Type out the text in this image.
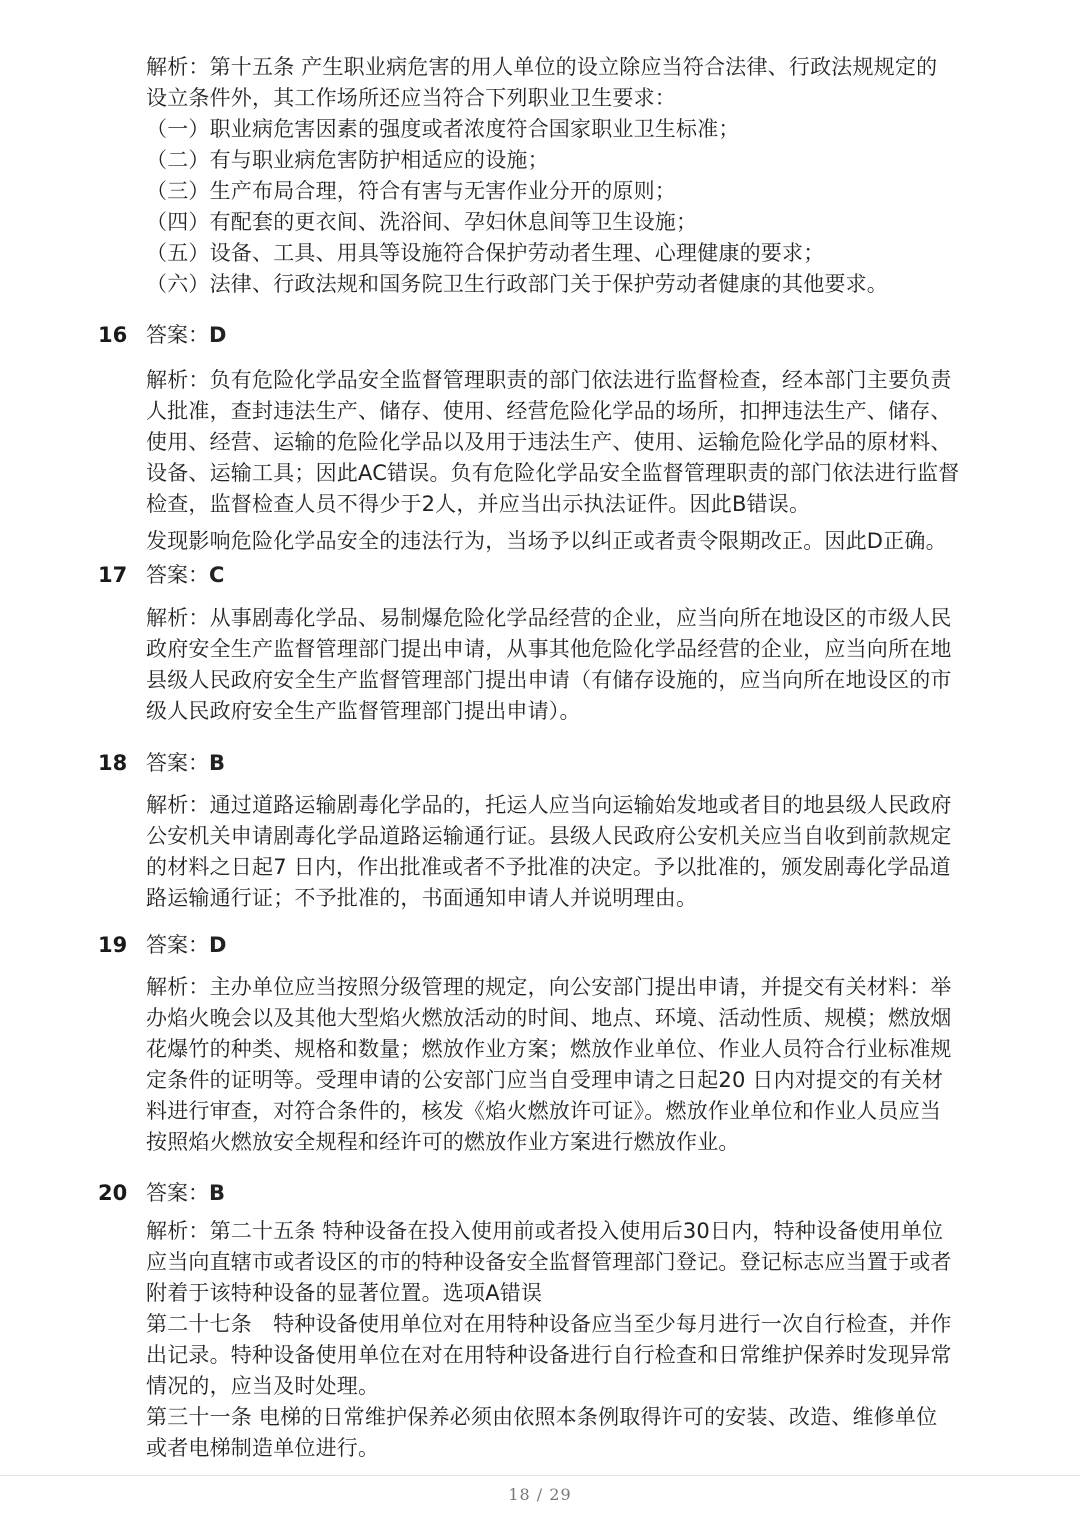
解析：第十五条 产生职业病危害的用人单位的设立除应当符合法律、行政法规规定的
设立条件外，其工作场所还应当符合下列职业卫生要求：
（一）职业病危害因素的强度或者浓度符合国家职业卫生标准；
（二）有与职业病危害防护相适应的设施；
（三）生产布局合理，符合有害与无害作业分开的原则；
（四）有配套的更衣间、洗浴间、孕妇休息间等卫生设施；
（五）设备、工具、用具等设施符合保护劳动者生理、心理健康的要求；
（六）法律、行政法规和国务院卫生行政部门关于保护劳动者健康的其他要求。
16 答案：D
解析：负有危险化学品安全监督管理职责的部门依法进行监督检查，经本部门主要负责
人批准，查封违法生产、储存、使用、经营危险化学品的场所，扣押违法生产、储存、
使用、经营、运输的危险化学品以及用于违法生产、使用、运输危险化学品的原材料、
设备、运输工具；因此AC错误。负有危险化学品安全监督管理职责的部门依法进行监督
检查，监督检查人员不得少于2人，并应当出示执法证件。因此B错误。
发现影响危险化学品安全的违法行为，当场予以纠正或者责令限期改正。因此D正确。
17 答案：C
解析：从事剧毒化学品、易制爆危险化学品经营的企业，应当向所在地设区的市级人民
政府安全生产监督管理部门提出申请，从事其他危险化学品经营的企业，应当向所在地
县级人民政府安全生产监督管理部门提出申请（有储存设施的，应当向所在地设区的市
级人民政府安全生产监督管理部门提出申请）。
18 答案：B
解析：通过道路运输剧毒化学品的，托运人应当向运输始发地或者目的地县级人民政府
公安机关申请剧毒化学品道路运输通行证。县级人民政府公安机关应当自收到前款规定
的材料之日起7 日内，作出批准或者不予批准的决定。予以批准的，颁发剧毒化学品道
路运输通行证；不予批准的，书面通知申请人并说明理由。
19 答案：D
解析：主办单位应当按照分级管理的规定，向公安部门提出申请，并提交有关材料：举
办焰火晚会以及其他大型焰火燃放活动的时间、地点、环境、活动性质、规模；燃放烟
花爆竹的种类、规格和数量；燃放作业方案；燃放作业单位、作业人员符合行业标准规
定条件的证明等。受理申请的公安部门应当自受理申请之日起20 日内对提交的有关材
料进行审查，对符合条件的，核发《焰火燃放许可证》。燃放作业单位和作业人员应当
按照焰火燃放安全规程和经许可的燃放作业方案进行燃放作业。
20 答案：B
解析：第二十五条 特种设备在投入使用前或者投入使用后30日内，特种设备使用单位
应当向直辖市或者设区的市的特种设备安全监督管理部门登记。登记标志应当置于或者
附着于该特种设备的显著位置。选项A错误
第二十七条　特种设备使用单位对在用特种设备应当至少每月进行一次自行检查，并作
出记录。特种设备使用单位在对在用特种设备进行自行检查和日常维护保养时发现异常
情况的，应当及时处理。
第三十一条 电梯的日常维护保养必须由依照本条例取得许可的安装、改造、维修单位
或者电梯制造单位进行。
18 / 29
